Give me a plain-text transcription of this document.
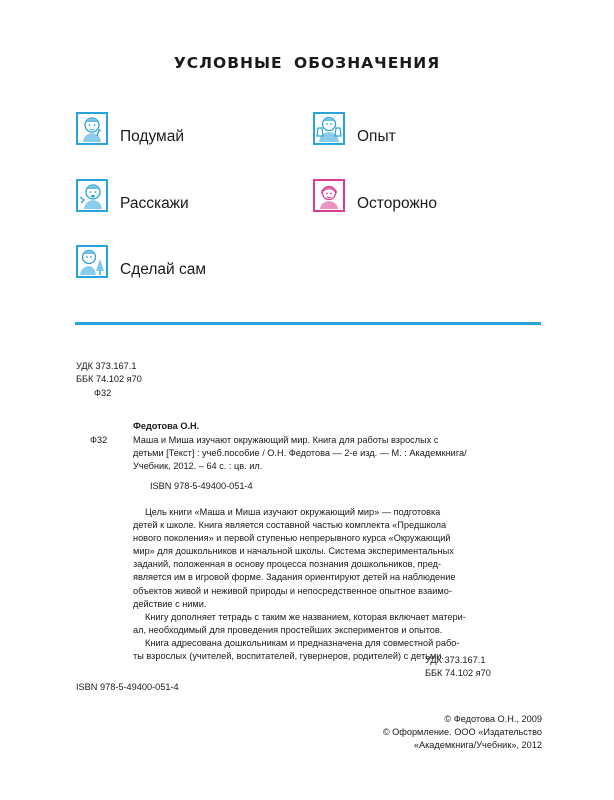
УСЛОВНЫЕ ОБОЗНАЧЕНИЯ
Подумай	Опыт
Расскажи	Осторожно
Сделай сам
УДК 373.167.1
ББК 74.102 я70
Ф32
Федотова О.Н.
Ф32	Маша и Миша изучают окружающий мир. Книга для работы взрослых с
детьми [Текст] : учеб.пособие / О.Н. Федотова — 2-е изд. — М. : Академкнига/
Учебник, 2012. – 64 с. : цв. ил.
ISBN 978-5-49400-051-4
Цель книги «Маша и Миша изучают окружающий мир» — подготовка
детей к школе. Книга является составной частью комплекта «Предшкола
нового поколения» и первой ступенью непрерывного курса «Окружающий
мир» для дошкольников и начальной школы. Система экспериментальных
заданий, положенная в основу процесса познания дошкольников, пред-
является им в игровой форме. Задания ориентируют детей на наблюдение
объектов живой и неживой природы и непосредственное опытное взаимо-
действие с ними.
Книгу дополняет тетрадь с таким же названием, которая включает матери-
ал, необходимый для проведения простейших экспериментов и опытов.
Книга адресована дошкольникам и предназначена для совместной рабо-
ты взрослых (учителей, воспитателей, гувернеров, родителей) с детьми.
УДК 373.167.1
ББК 74.102 я70
ISBN 978-5-49400-051-4
© Федотова О.Н., 2009
© Оформление. ООО «Издательство
«Академкнига/Учебник», 2012
